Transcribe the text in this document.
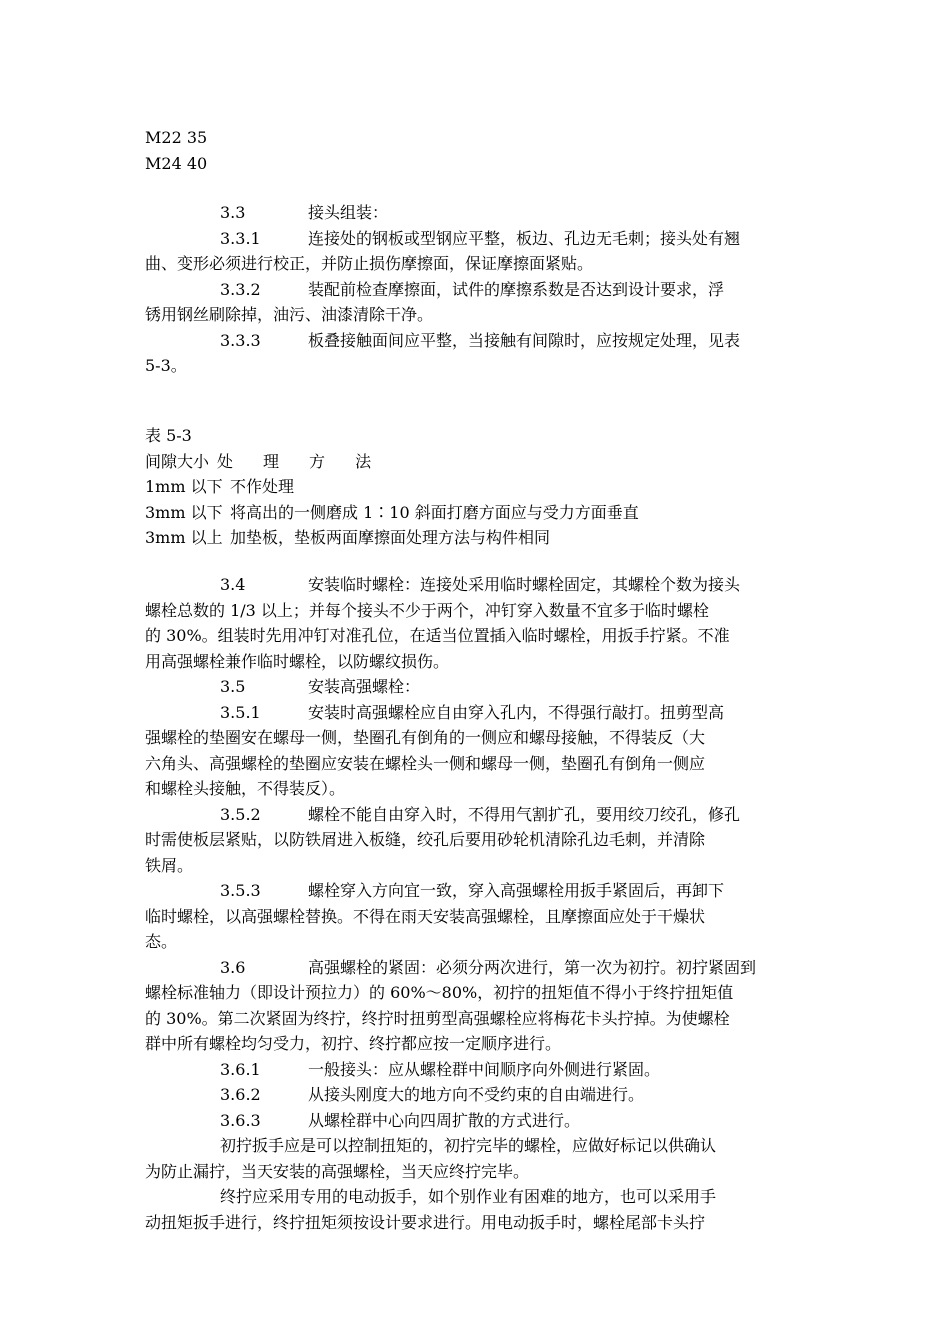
M22 35
M24 40
3.3	接头组装：
3.3.1	连接处的钢板或型钢应平整，板边、孔边无毛刺；接头处有翘
曲、变形必须进行校正，并防止损伤摩擦面，保证摩擦面紧贴。
3.3.2	装配前检查摩擦面，试件的摩擦系数是否达到设计要求，浮
锈用钢丝刷除掉，油污、油漆清除干净。
3.3.3	板叠接触面间应平整，当接触有间隙时，应按规定处理，见表
5-3。
表 5-3
间隙大小 处 理 方 法
1mm 以下 不作处理
3mm 以下 将高出的一侧磨成 1∶10 斜面打磨方面应与受力方面垂直
3mm 以上 加垫板，垫板两面摩擦面处理方法与构件相同
3.4	安装临时螺栓：连接处采用临时螺栓固定，其螺栓个数为接头
螺栓总数的 1/3 以上；并每个接头不少于两个，冲钉穿入数量不宜多于临时螺栓
的 30%。组装时先用冲钉对准孔位，在适当位置插入临时螺栓，用扳手拧紧。不准
用高强螺栓兼作临时螺栓，以防螺纹损伤。
3.5	安装高强螺栓：
3.5.1	安装时高强螺栓应自由穿入孔内，不得强行敲打。扭剪型高
强螺栓的垫圈安在螺母一侧，垫圈孔有倒角的一侧应和螺母接触，不得装反（大
六角头、高强螺栓的垫圈应安装在螺栓头一侧和螺母一侧，垫圈孔有倒角一侧应
和螺栓头接触，不得装反）。
3.5.2	螺栓不能自由穿入时，不得用气割扩孔，要用绞刀绞孔，修孔
时需使板层紧贴，以防铁屑进入板缝，绞孔后要用砂轮机清除孔边毛刺，并清除
铁屑。
3.5.3	螺栓穿入方向宜一致，穿入高强螺栓用扳手紧固后，再卸下
临时螺栓，以高强螺栓替换。不得在雨天安装高强螺栓，且摩擦面应处于干燥状
态。
3.6	高强螺栓的紧固：必须分两次进行，第一次为初拧。初拧紧固到
螺栓标准轴力（即设计预拉力）的 60%～80%，初拧的扭矩值不得小于终拧扭矩值
的 30%。第二次紧固为终拧，终拧时扭剪型高强螺栓应将梅花卡头拧掉。为使螺栓
群中所有螺栓均匀受力，初拧、终拧都应按一定顺序进行。
3.6.1	一般接头：应从螺栓群中间顺序向外侧进行紧固。
3.6.2	从接头刚度大的地方向不受约束的自由端进行。
3.6.3	从螺栓群中心向四周扩散的方式进行。
初拧扳手应是可以控制扭矩的，初拧完毕的螺栓，应做好标记以供确认
为防止漏拧，当天安装的高强螺栓，当天应终拧完毕。
终拧应采用专用的电动扳手，如个别作业有困难的地方，也可以采用手
动扭矩扳手进行，终拧扭矩须按设计要求进行。用电动扳手时，螺栓尾部卡头拧
